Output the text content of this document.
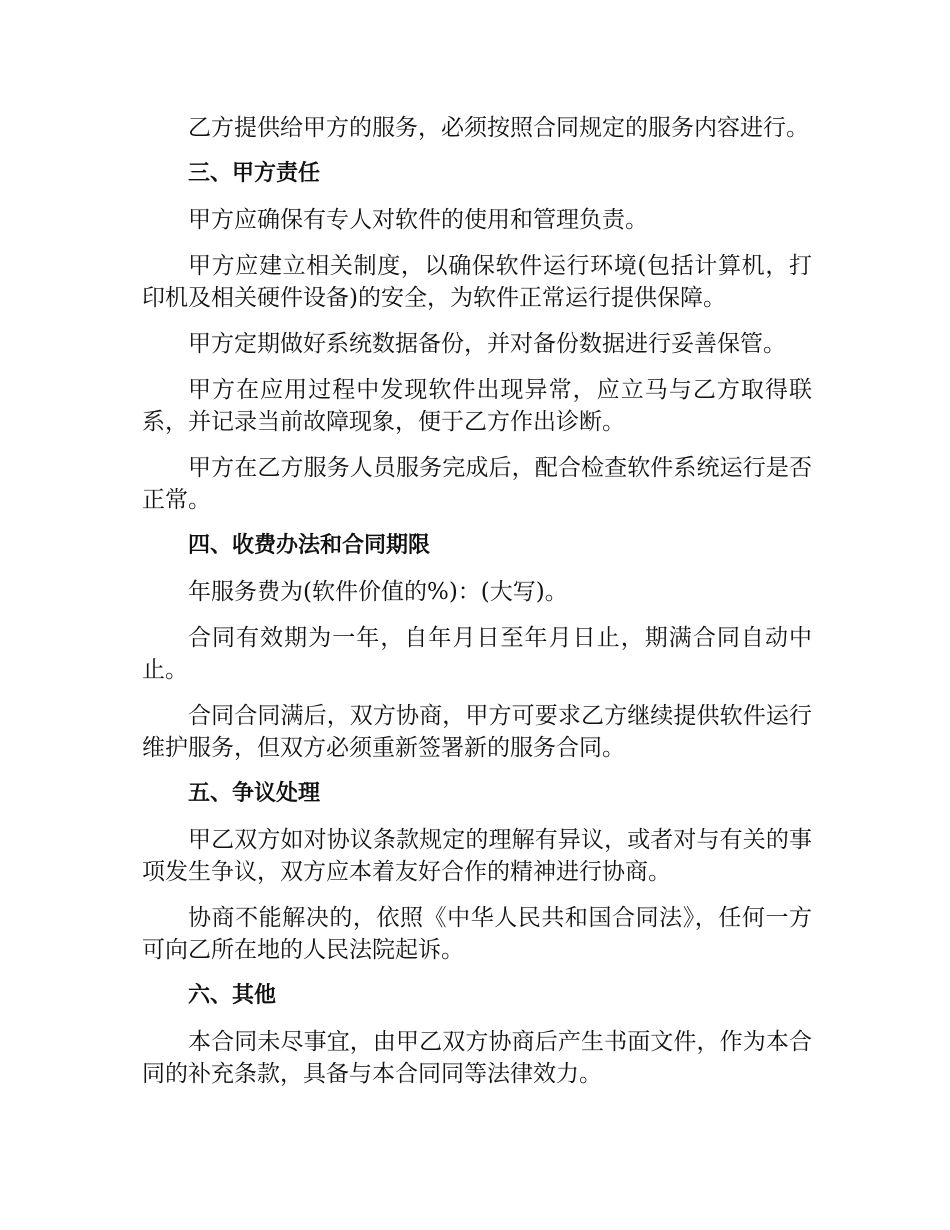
乙方提供给甲方的服务，必须按照合同规定的服务内容进行。

三、甲方责任

甲方应确保有专人对软件的使用和管理负责。

甲方应建立相关制度，以确保软件运行环境(包括计算机，打印机及相关硬件设备)的安全，为软件正常运行提供保障。

甲方定期做好系统数据备份，并对备份数据进行妥善保管。

甲方在应用过程中发现软件出现异常，应立马与乙方取得联系，并记录当前故障现象，便于乙方作出诊断。

甲方在乙方服务人员服务完成后，配合检查软件系统运行是否正常。

四、收费办法和合同期限

年服务费为(软件价值的%)：(大写)。

合同有效期为一年，自年月日至年月日止，期满合同自动中止。

合同合同满后，双方协商，甲方可要求乙方继续提供软件运行维护服务，但双方必须重新签署新的服务合同。

五、争议处理

甲乙双方如对协议条款规定的理解有异议，或者对与有关的事项发生争议，双方应本着友好合作的精神进行协商。

协商不能解决的，依照《中华人民共和国合同法》，任何一方可向乙所在地的人民法院起诉。

六、其他

本合同未尽事宜，由甲乙双方协商后产生书面文件，作为本合同的补充条款，具备与本合同同等法律效力。
